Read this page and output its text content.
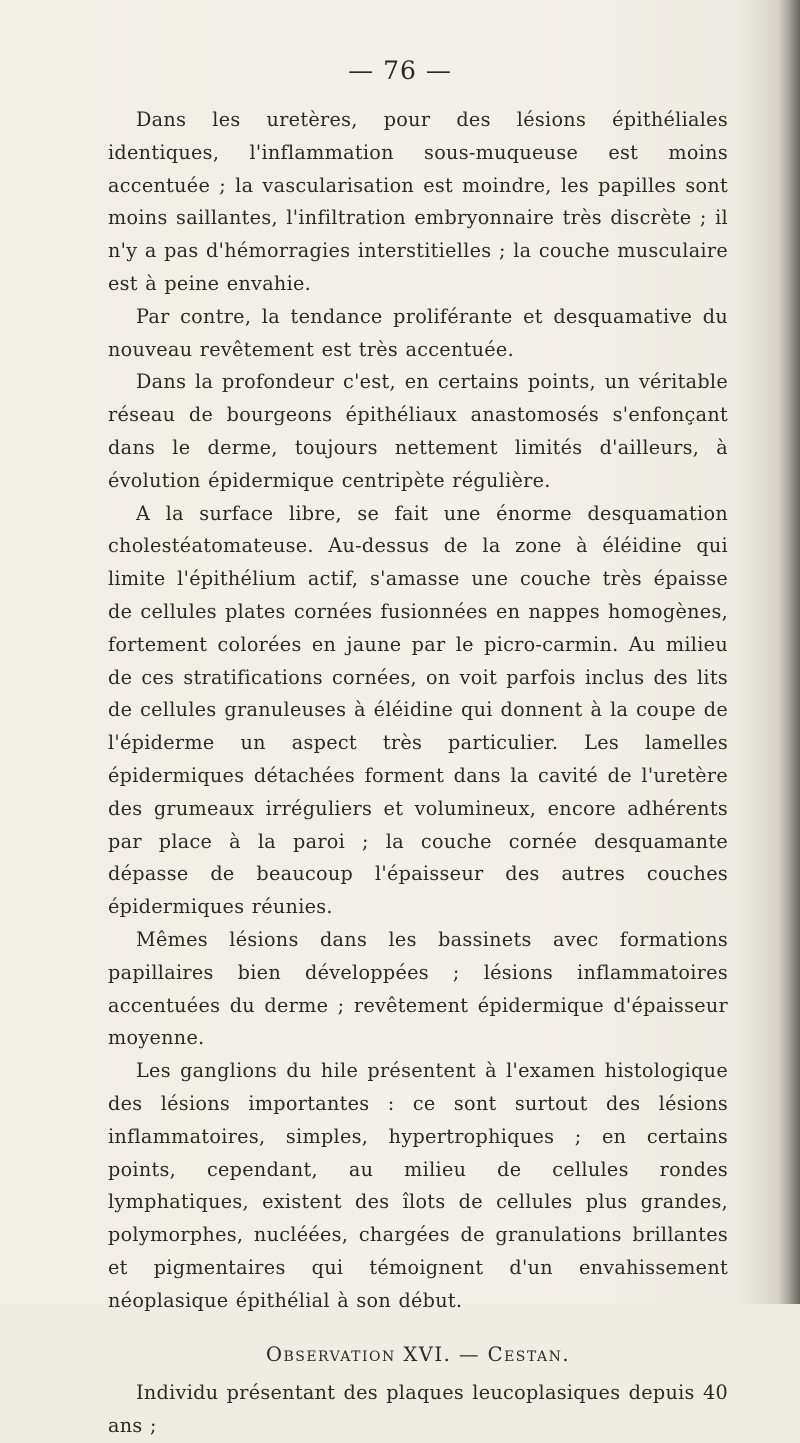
— 76 —

Dans les uretères, pour des lésions épithéliales identiques, l'inflammation sous-muqueuse est moins accentuée ; la vascularisation est moindre, les papilles sont moins saillantes, l'infiltration embryonnaire très discrète ; il n'y a pas d'hémorragies interstitielles ; la couche musculaire est à peine envahie.

Par contre, la tendance proliférante et desquamative du nouveau revêtement est très accentuée.

Dans la profondeur c'est, en certains points, un véritable réseau de bourgeons épithéliaux anastomosés s'enfonçant dans le derme, toujours nettement limités d'ailleurs, à évolution épidermique centripète régulière.

A la surface libre, se fait une énorme desquamation cholestéatomateuse. Au-dessus de la zone à éléidine qui limite l'épithélium actif, s'amasse une couche très épaisse de cellules plates cornées fusionnées en nappes homogènes, fortement colorées en jaune par le picro-carmin. Au milieu de ces stratifications cornées, on voit parfois inclus des lits de cellules granuleuses à éléidine qui donnent à la coupe de l'épiderme un aspect très particulier. Les lamelles épidermiques détachées forment dans la cavité de l'uretère des grumeaux irréguliers et volumineux, encore adhérents par place à la paroi ; la couche cornée desquamante dépasse de beaucoup l'épaisseur des autres couches épidermiques réunies.

Mêmes lésions dans les bassinets avec formations papillaires bien développées ; lésions inflammatoires accentuées du derme ; revêtement épidermique d'épaisseur moyenne.

Les ganglions du hile présentent à l'examen histologique des lésions importantes : ce sont surtout des lésions inflammatoires, simples, hypertrophiques ; en certains points, cependant, au milieu de cellules rondes lymphatiques, existent des îlots de cellules plus grandes, polymorphes, nucléées, chargées de granulations brillantes et pigmentaires qui témoignent d'un envahissement néoplasique épithélial à son début.

Observation XVI. — Cestan.

Individu présentant des plaques leucoplasiques depuis 40 ans ;
